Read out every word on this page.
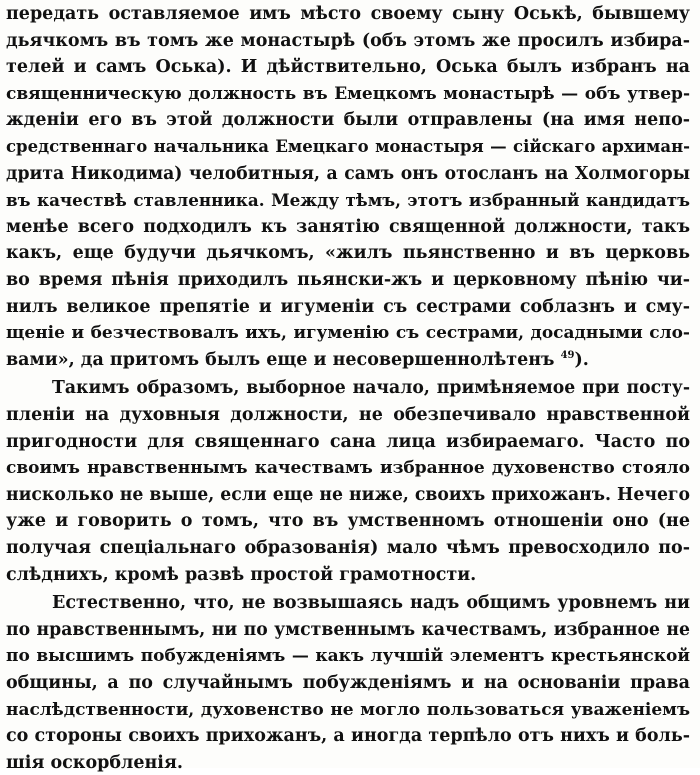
передать оставляемое имъ мѣсто своему сыну Оськѣ, бывшему
дьячкомъ въ томъ же монастырѣ (объ этомъ же просилъ избира-
телей и самъ Оська). И дѣйствительно, Оська былъ избранъ на
священническую должность въ Емецкомъ монастырѣ — объ утвер-
жденіи его въ этой должности были отправлены (на имя непо-
средственнаго начальника Емецкаго монастыря — сійскаго архиман-
дрита Никодима) челобитныя, а самъ онъ отосланъ на Холмогоры
въ качествѣ ставленника. Между тѣмъ, этотъ избранный кандидатъ
менѣе всего подходилъ къ занятію священной должности, такъ
какъ, еще будучи дьячкомъ, «жилъ пьянственно и въ церковь
во время пѣнія приходилъ пьянски-жъ и церковному пѣнію чи-
нилъ великое препятіе и игуменіи съ сестрами соблазнъ и сму-
щеніе и безчествовалъ ихъ, игуменію съ сестрами, досадными сло-
вами», да притомъ былъ еще и несовершеннолѣтенъ $^{49}$).
Такимъ образомъ, выборное начало, примѣняемое при посту-
пленіи на духовныя должности, не обезпечивало нравственной
пригодности для священнаго сана лица избираемаго. Часто по
своимъ нравственнымъ качествамъ избранное духовенство стояло
нисколько не выше, если еще не ниже, своихъ прихожанъ. Нечего
уже и говорить о томъ, что въ умственномъ отношеніи оно (не
получая спеціальнаго образованія) мало чѣмъ превосходило по-
слѣднихъ, кромѣ развѣ простой грамотности.
Естественно, что, не возвышаясь надъ общимъ уровнемъ ни
по нравственнымъ, ни по умственнымъ качествамъ, избранное не
по высшимъ побужденіямъ — какъ лучшій элементъ крестьянской
общины, а по случайнымъ побужденіямъ и на основаніи права
наслѣдственности, духовенство не могло пользоваться уваженіемъ
со стороны своихъ прихожанъ, а иногда терпѣло отъ нихъ и боль-
шія оскорбленія.
